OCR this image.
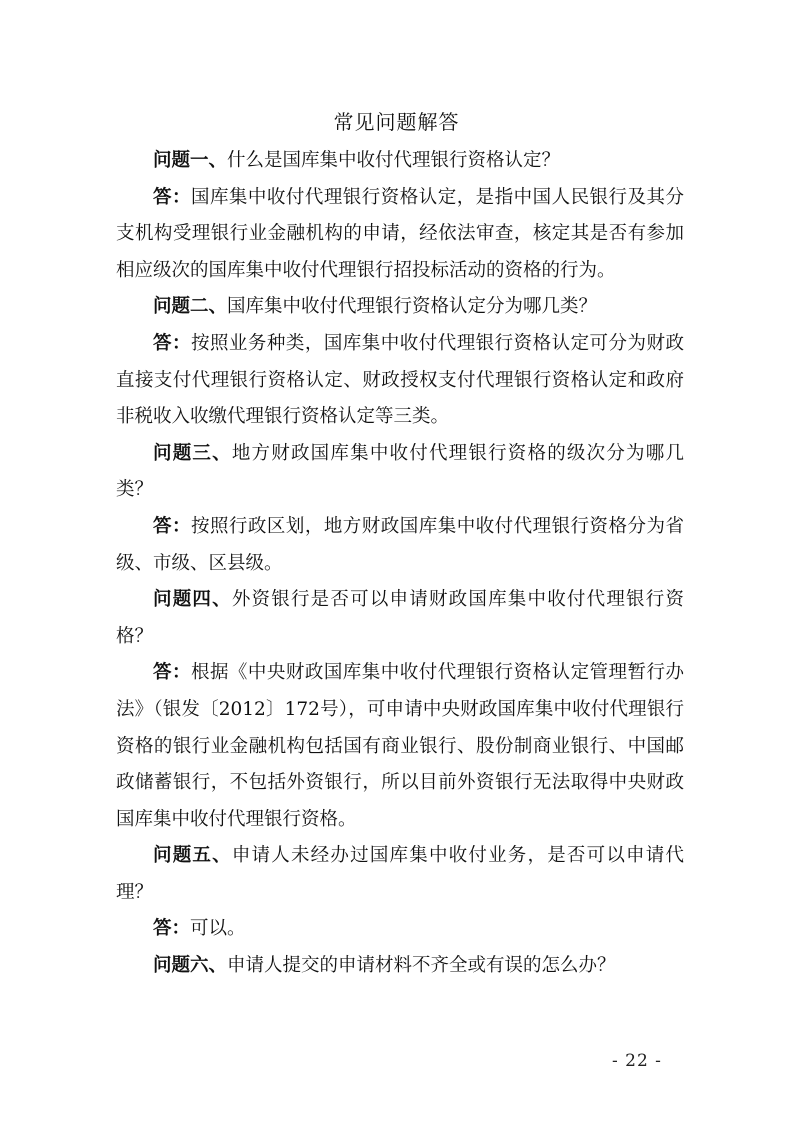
常见问题解答

问题一、什么是国库集中收付代理银行资格认定？

答：国库集中收付代理银行资格认定，是指中国人民银行及其分支机构受理银行业金融机构的申请，经依法审查，核定其是否有参加相应级次的国库集中收付代理银行招投标活动的资格的行为。

问题二、国库集中收付代理银行资格认定分为哪几类？

答：按照业务种类，国库集中收付代理银行资格认定可分为财政直接支付代理银行资格认定、财政授权支付代理银行资格认定和政府非税收入收缴代理银行资格认定等三类。

问题三、地方财政国库集中收付代理银行资格的级次分为哪几类？

答：按照行政区划，地方财政国库集中收付代理银行资格分为省级、市级、区县级。

问题四、外资银行是否可以申请财政国库集中收付代理银行资格？

答：根据《中央财政国库集中收付代理银行资格认定管理暂行办法》（银发〔2012〕172号），可申请中央财政国库集中收付代理银行资格的银行业金融机构包括国有商业银行、股份制商业银行、中国邮政储蓄银行，不包括外资银行，所以目前外资银行无法取得中央财政国库集中收付代理银行资格。

问题五、申请人未经办过国库集中收付业务，是否可以申请代理？

答：可以。

问题六、申请人提交的申请材料不齐全或有误的怎么办？

- 22 -
